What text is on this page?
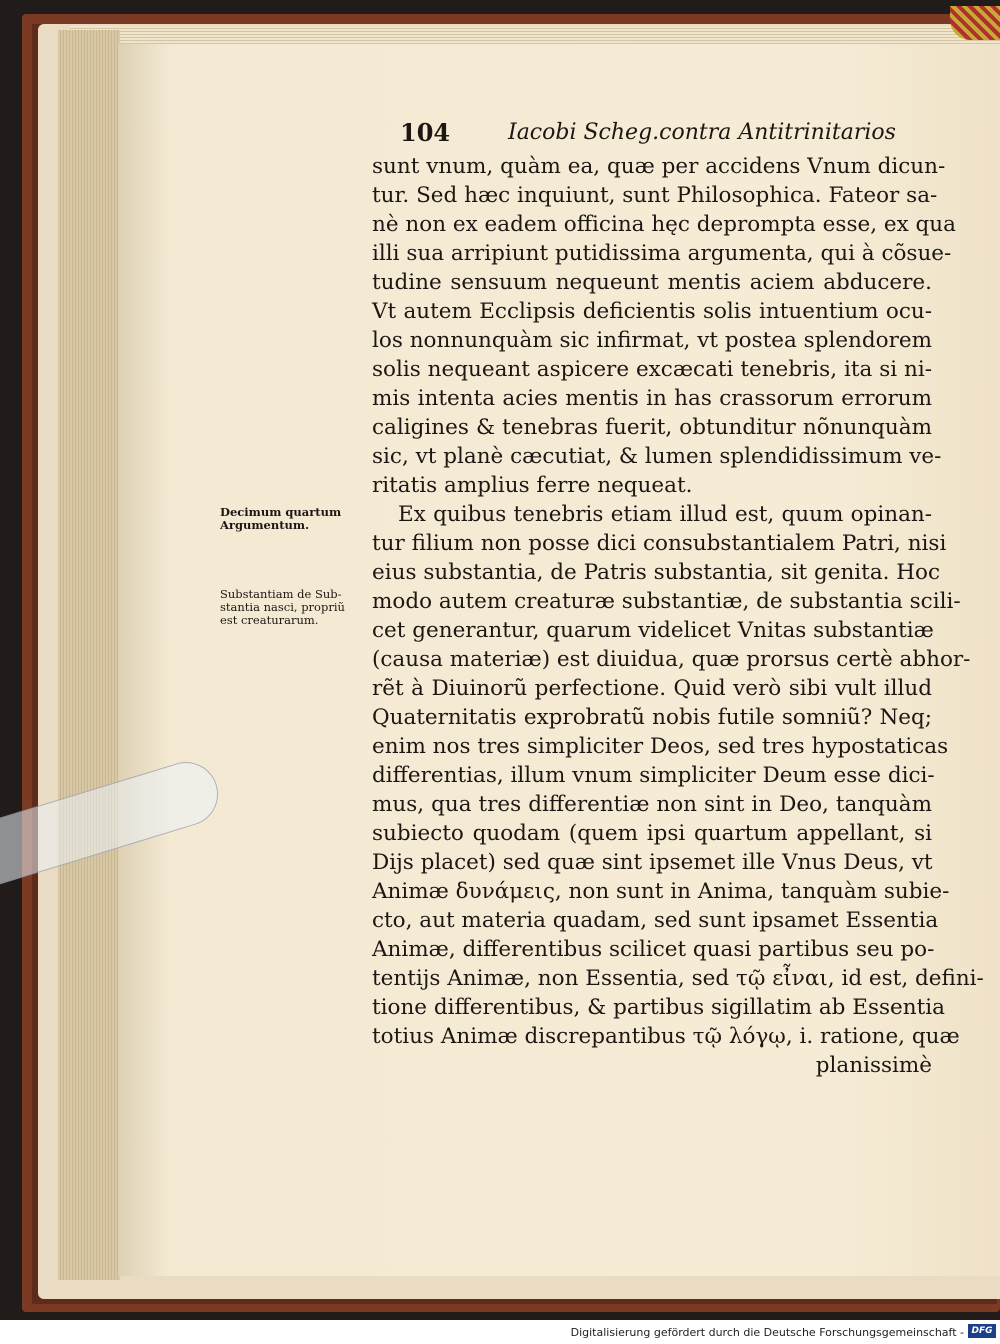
104	Iacobi Scheg.contra Antitrinitarios
Decimum quartum
Argumentum.
Substantiam de Sub-
stantia nasci, propriũ
est creaturarum.
sunt vnum, quàm ea, quæ per accidens Vnum dicun-
tur. Sed hæc inquiunt, sunt Philosophica. Fateor sa-
nè non ex eadem officina hęc deprompta esse, ex qua
illi sua arripiunt putidissima argumenta, qui à cõsue-
tudine sensuum nequeunt mentis aciem abducere.
Vt autem Ecclipsis deficientis solis intuentium ocu-
los nonnunquàm sic infirmat, vt postea splendorem
solis nequeant aspicere excæcati tenebris, ita si ni-
mis intenta acies mentis in has crassorum errorum
caligines & tenebras fuerit, obtunditur nõnunquàm
sic, vt planè cæcutiat, & lumen splendidissimum ve-
ritatis amplius ferre nequeat.
Ex quibus tenebris etiam illud est, quum opinan-
tur filium non posse dici consubstantialem Patri, nisi
eius substantia, de Patris substantia, sit genita. Hoc
modo autem creaturæ substantiæ, de substantia scili-
cet generantur, quarum videlicet Vnitas substantiæ
(causa materiæ) est diuidua, quæ prorsus certè abhor-
rẽt à Diuinorũ perfectione. Quid verò sibi vult illud
Quaternitatis exprobratũ nobis futile somniũ? Neq;
enim nos tres simpliciter Deos, sed tres hypostaticas
differentias, illum vnum simpliciter Deum esse dici-
mus, qua tres differentiæ non sint in Deo, tanquàm
subiecto quodam (quem ipsi quartum appellant, si
Dijs placet) sed quæ sint ipsemet ille Vnus Deus, vt
Animæ δυνάμεις, non sunt in Anima, tanquàm subie-
cto, aut materia quadam, sed sunt ipsamet Essentia
Animæ, differentibus scilicet quasi partibus seu po-
tentijs Animæ, non Essentia, sed τῷ εἶναι, id est, defini-
tione differentibus, & partibus sigillatim ab Essentia
totius Animæ discrepantibus τῷ λόγῳ, i. ratione, quæ
planissimè
Digitalisierung gefördert durch die Deutsche Forschungsgemeinschaft - DFG
